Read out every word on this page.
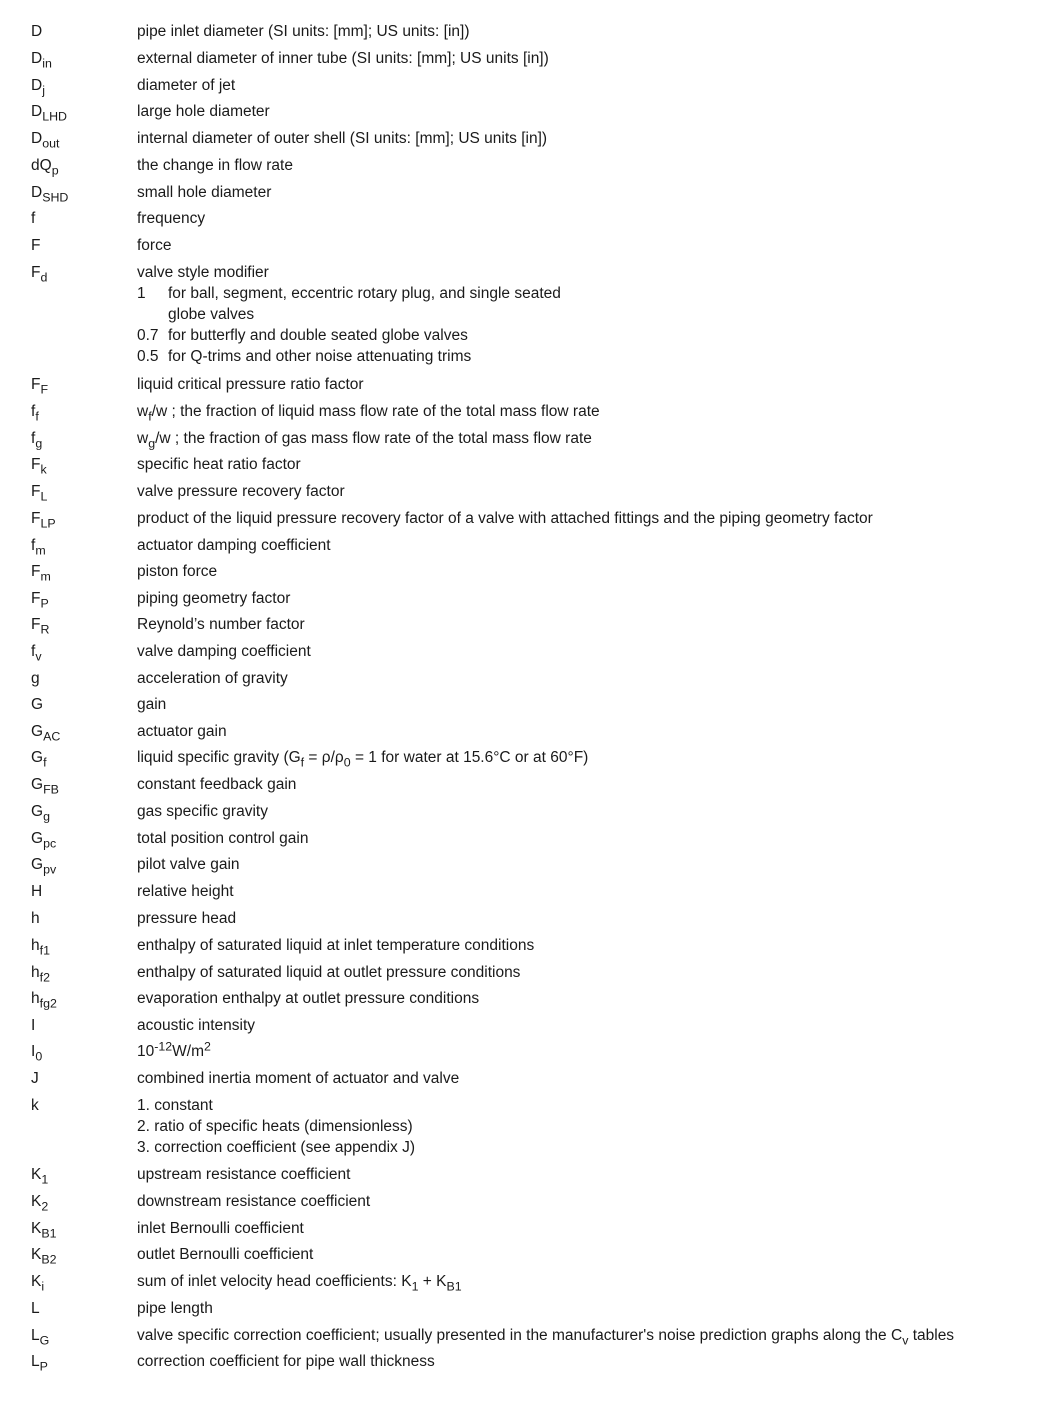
D	pipe inlet diameter (SI units: [mm]; US units: [in])
$D_{in}$	external diameter of inner tube (SI units: [mm]; US units [in])
$D_j$	diameter of jet
$D_{LHD}$	large hole diameter
$D_{out}$	internal diameter of outer shell (SI units: [mm]; US units [in])
$dQ_p$	the change in flow rate
$D_{SHD}$	small hole diameter
f	frequency
F	force
$F_d$	valve style modifier
1 for ball, segment, eccentric rotary plug, and single seated
globe valves
0.7 for butterfly and double seated globe valves
0.5 for Q-trims and other noise attenuating trims
$F_F$	liquid critical pressure ratio factor
$f_f$	$w_f/w$ ; the fraction of liquid mass flow rate of the total mass flow rate
$f_g$	$w_g/w$ ; the fraction of gas mass flow rate of the total mass flow rate
$F_k$	specific heat ratio factor
$F_L$	valve pressure recovery factor
$F_{LP}$	product of the liquid pressure recovery factor of a valve with attached fittings and the piping geometry factor
$f_m$	actuator damping coefficient
$F_m$	piston force
$F_P$	piping geometry factor
$F_R$	Reynold’s number factor
$f_v$	valve damping coefficient
g	acceleration of gravity
G	gain
$G_{AC}$	actuator gain
$G_f$	liquid specific gravity ($G_f = \rho/\rho_0 = 1$ for water at 15.6°C or at 60°F)
$G_{FB}$	constant feedback gain
$G_g$	gas specific gravity
$G_{pc}$	total position control gain
$G_{pv}$	pilot valve gain
H	relative height
h	pressure head
$h_{f1}$	enthalpy of saturated liquid at inlet temperature conditions
$h_{f2}$	enthalpy of saturated liquid at outlet pressure conditions
$h_{fg2}$	evaporation enthalpy at outlet pressure conditions
I	acoustic intensity
$I_0$	$10^{-12}W/m^2$
J	combined inertia moment of actuator and valve
k	1. constant
2. ratio of specific heats (dimensionless)
3. correction coefficient (see appendix J)
$K_1$	upstream resistance coefficient
$K_2$	downstream resistance coefficient
$K_{B1}$	inlet Bernoulli coefficient
$K_{B2}$	outlet Bernoulli coefficient
$K_i$	sum of inlet velocity head coefficients: $K_1 + K_{B1}$
L	pipe length
$L_G$	valve specific correction coefficient; usually presented in the manufacturer's noise prediction graphs along the $C_v$ tables
$L_P$	correction coefficient for pipe wall thickness
